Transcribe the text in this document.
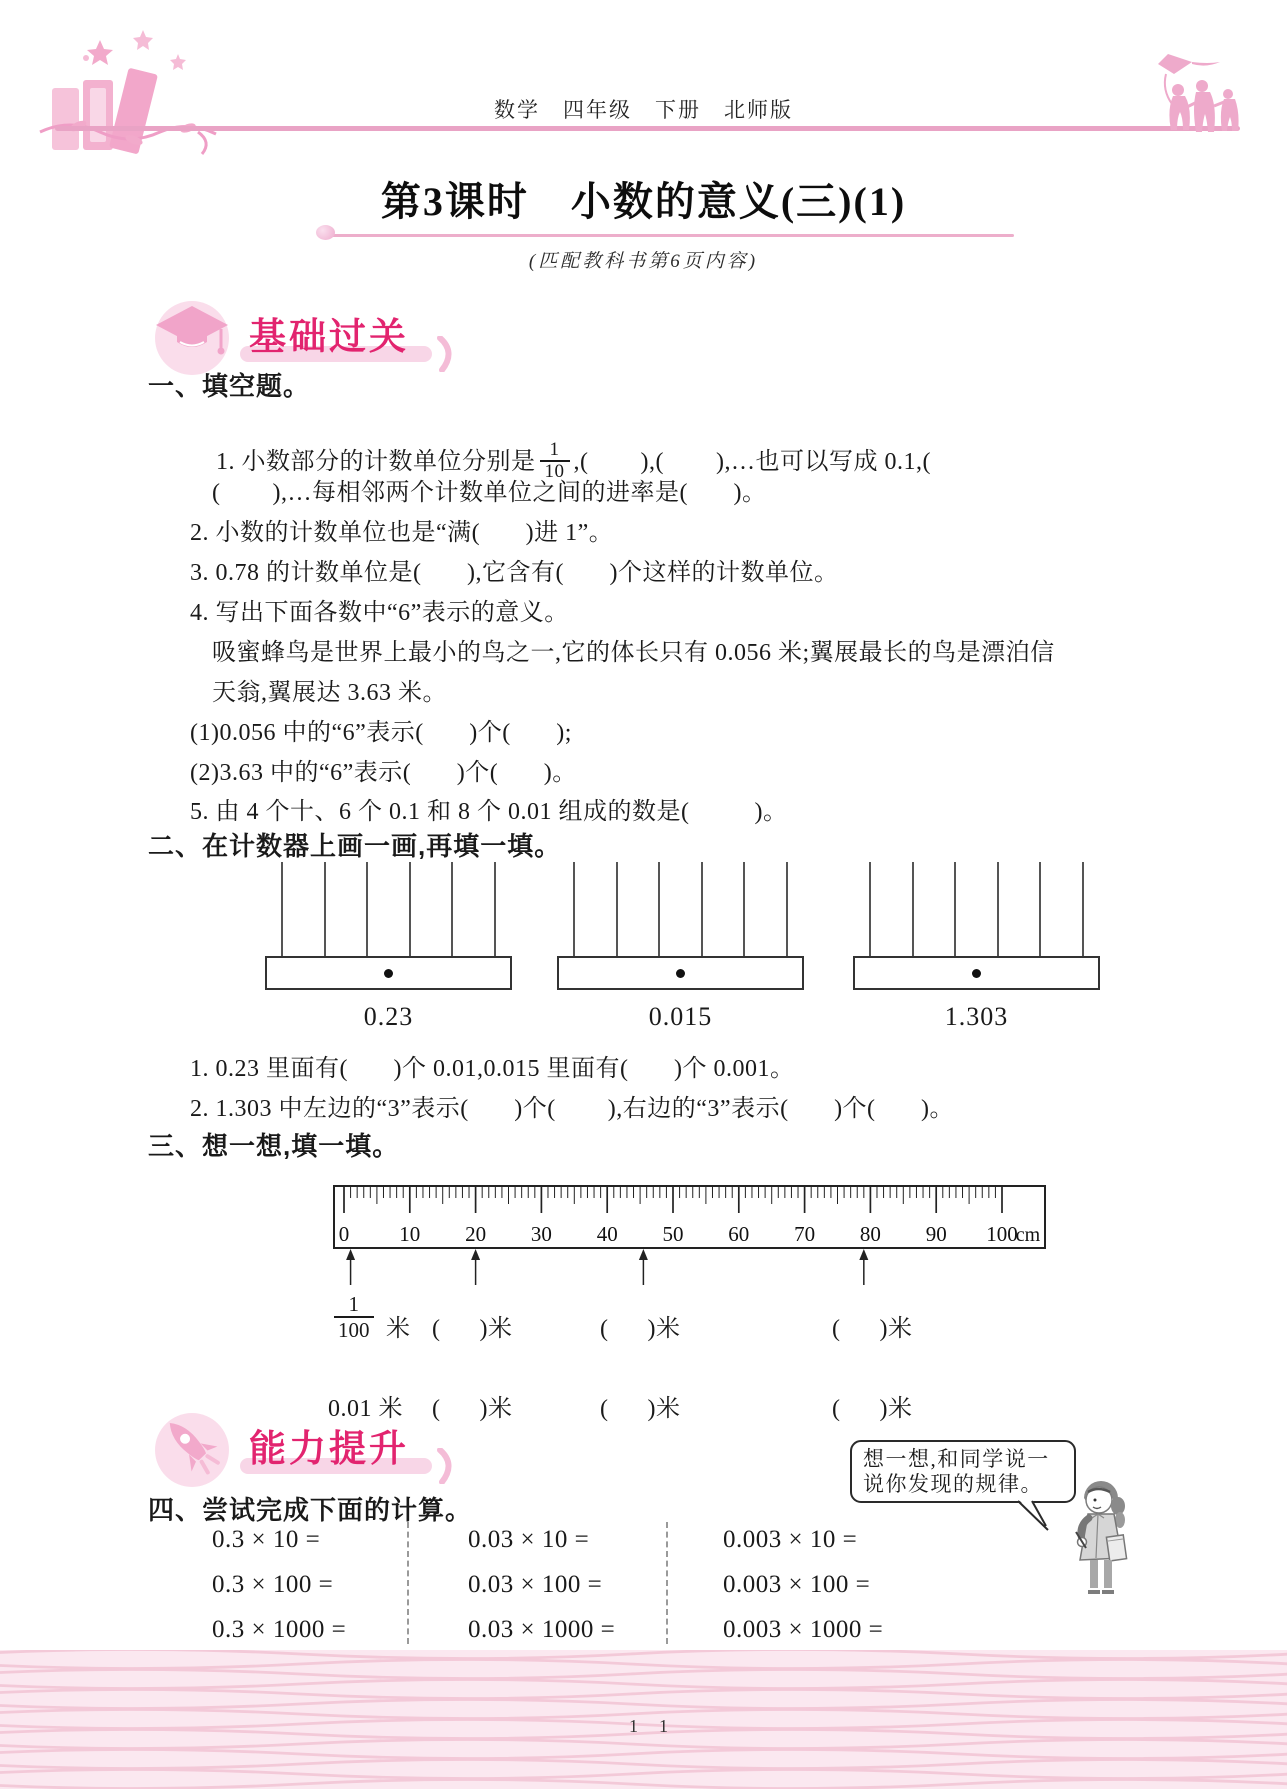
数学　四年级　下册　北师版
第3课时　小数的意义(三)(1)
(匹配教科书第6页内容)
基础过关
一、填空题。

1. 小数部分的计数单位分别是 $\frac{1}{10}$ ,(        ),(        ),…也可以写成 0.1,(

(        ),…每相邻两个计数单位之间的进率是(       )。
2. 小数的计数单位也是“满(       )进 1”。
3. 0.78 的计数单位是(       ),它含有(       )个这样的计数单位。
4. 写出下面各数中“6”表示的意义。
吸蜜蜂鸟是世界上最小的鸟之一,它的体长只有 0.056 米;翼展最长的鸟是漂泊信
天翁,翼展达 3.63 米。
(1)0.056 中的“6”表示(       )个(       );
(2)3.63 中的“6”表示(       )个(       )。
5. 由 4 个十、6 个 0.1 和 8 个 0.01 组成的数是(          )。
二、在计数器上画一画,再填一填。
0.23	0.015	1.303
1. 0.23 里面有(       )个 0.01,0.015 里面有(       )个 0.001。
2. 1.303 中左边的“3”表示(       )个(        ),右边的“3”表示(       )个(       )。
三、想一想,填一填。
0 10 20 30 40 50 60 70 80 90 100
cm
1
100 米 (      )米	(      )米	(      )米
0.01 米 (      )米	(      )米	(      )米
能力提升
四、尝试完成下面的计算。
0.3 × 10 =	0.03 × 10 =	0.003 × 10 =
0.3 × 100 =	0.03 × 100 =	0.003 × 100 =
0.3 × 1000 =	0.03 × 1000 =	0.003 × 1000 =
想一想,和同学说一
说你发现的规律。
1 1
